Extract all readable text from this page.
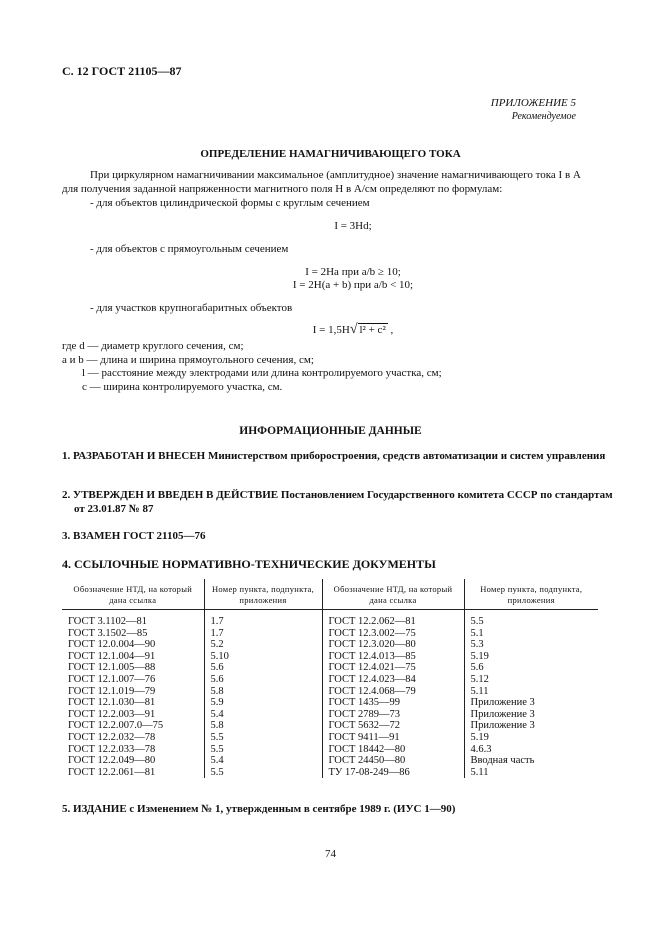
С. 12 ГОСТ 21105—87
ПРИЛОЖЕНИЕ 5
Рекомендуемое
ОПРЕДЕЛЕНИЕ НАМАГНИЧИВАЮЩЕГО ТОКА
При циркулярном намагничивании максимальное (амплитудное) значение намагничивающего тока I в А для получения заданной напряженности магнитного поля H в А/см определяют по формулам:
- для объектов цилиндрической формы с круглым сечением
I = 3Hd;
- для объектов с прямоугольным сечением
I = 2Ha при a/b ≥ 10;
I = 2H(a + b) при a/b < 10;
- для участков крупногабаритных объектов
I = 1,5H√ l² + c² ,
где d — диаметр круглого сечения, см;
a и b — длина и ширина прямоугольного сечения, см;
l — расстояние между электродами или длина контролируемого участка, см;
c — ширина контролируемого участка, см.
ИНФОРМАЦИОННЫЕ ДАННЫЕ
1. РАЗРАБОТАН И ВНЕСЕН Министерством приборостроения, средств автоматизации и систем управления
2. УТВЕРЖДЕН И ВВЕДЕН В ДЕЙСТВИЕ Постановлением Государственного комитета СССР по стандартам от 23.01.87 № 87
3. ВЗАМЕН ГОСТ 21105—76
4. ССЫЛОЧНЫЕ НОРМАТИВНО-ТЕХНИЧЕСКИЕ ДОКУМЕНТЫ
Обозначение НТД, на который дана ссылка	Номер пункта, подпункта, приложения	Обозначение НТД, на который дана ссылка	Номер пункта, подпункта, приложения
ГОСТ 3.1102—81	1.7	ГОСТ 12.2.062—81	5.5
ГОСТ 3.1502—85	1.7	ГОСТ 12.3.002—75	5.1
ГОСТ 12.0.004—90	5.2	ГОСТ 12.3.020—80	5.3
ГОСТ 12.1.004—91	5.10	ГОСТ 12.4.013—85	5.19
ГОСТ 12.1.005—88	5.6	ГОСТ 12.4.021—75	5.6
ГОСТ 12.1.007—76	5.6	ГОСТ 12.4.023—84	5.12
ГОСТ 12.1.019—79	5.8	ГОСТ 12.4.068—79	5.11
ГОСТ 12.1.030—81	5.9	ГОСТ 1435—99	Приложение 3
ГОСТ 12.2.003—91	5.4	ГОСТ 2789—73	Приложение 3
ГОСТ 12.2.007.0—75	5.8	ГОСТ 5632—72	Приложение 3
ГОСТ 12.2.032—78	5.5	ГОСТ 9411—91	5.19
ГОСТ 12.2.033—78	5.5	ГОСТ 18442—80	4.6.3
ГОСТ 12.2.049—80	5.4	ГОСТ 24450—80	Вводная часть
ГОСТ 12.2.061—81	5.5	ТУ 17-08-249—86	5.11
5. ИЗДАНИЕ с Изменением № 1, утвержденным в сентябре 1989 г. (ИУС 1—90)
74
